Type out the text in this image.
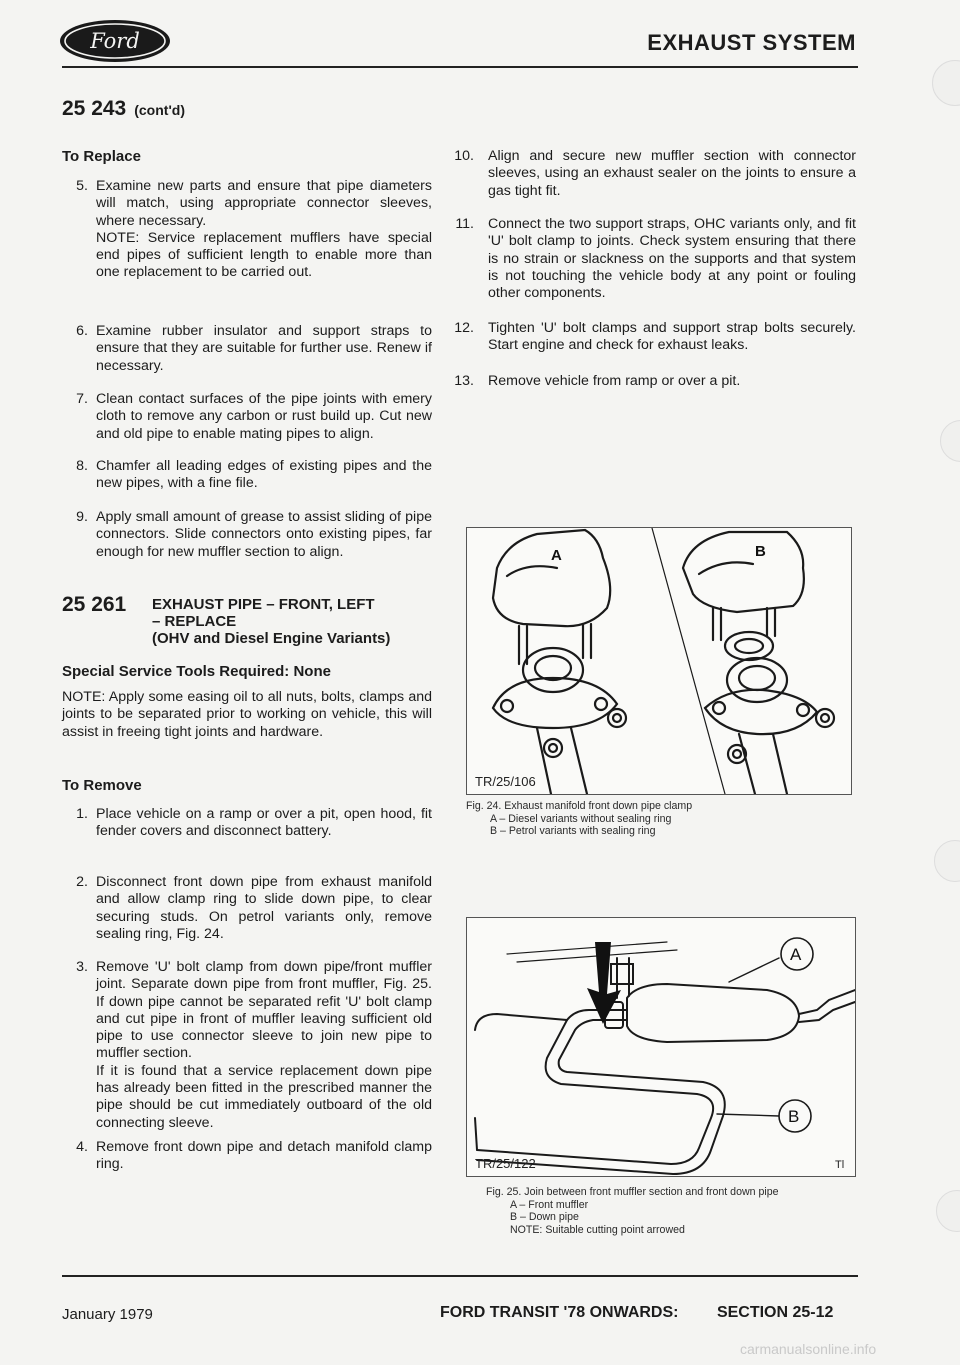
Ford	EXHAUST SYSTEM
25 243 (cont'd)
To Replace
5. Examine new parts and ensure that pipe diameters will match, using appropriate connector sleeves, where necessary.

NOTE: Service replacement mufflers have special end pipes of sufficient length to enable more than one replacement to be carried out.

6. Examine rubber insulator and support straps to ensure that they are suitable for further use. Renew if necessary.

7. Clean contact surfaces of the pipe joints with emery cloth to remove any carbon or rust build up. Cut new and old pipe to enable mating pipes to align.

8. Chamfer all leading edges of existing pipes and the new pipes, with a fine file.

9. Apply small amount of grease to assist sliding of pipe connectors. Slide connectors onto existing pipes, far enough for new muffler section to align.

25 261 EXHAUST PIPE – FRONT, LEFT
– REPLACE
(OHV and Diesel Engine Variants)
Special Service Tools Required: None
NOTE: Apply some easing oil to all nuts, bolts, clamps and joints to be separated prior to working on vehicle, this will assist in freeing tight joints and hardware.
To Remove
1. Place vehicle on a ramp or over a pit, open hood, fit fender covers and disconnect battery.

2. Disconnect front down pipe from exhaust manifold and allow clamp ring to slide down pipe, to clear securing studs. On petrol variants only, remove sealing ring, Fig. 24.

3. Remove 'U' bolt clamp from down pipe/front muffler joint. Separate down pipe from front muffler, Fig. 25. If down pipe cannot be separated refit 'U' bolt clamp and cut pipe in front of muffler leaving sufficient old pipe to use connector sleeve to join new pipe to muffler section.

If it is found that a service replacement down pipe has already been fitted in the prescribed manner the pipe should be cut immediately outboard of the old connecting sleeve.

4. Remove front down pipe and detach manifold clamp ring.

10. Align and secure new muffler section with connector sleeves, using an exhaust sealer on the joints to ensure a gas tight fit.

11. Connect the two support straps, OHC variants only, and fit 'U' bolt clamp to joints. Check system ensuring that there is no strain or slackness on the supports and that system is not touching the vehicle body at any point or fouling other components.

12. Tighten 'U' bolt clamps and support strap bolts securely. Start engine and check for exhaust leaks.

13. Remove vehicle from ramp or over a pit.

A	B
TR/25/106
Fig. 24. Exhaust manifold front down pipe clamp
A – Diesel variants without sealing ring
B – Petrol variants with sealing ring
A
B
TR/25/122	Tl
Fig. 25. Join between front muffler section and front down pipe
A – Front muffler
B – Down pipe
NOTE: Suitable cutting point arrowed
January 1979	FORD TRANSIT '78 ONWARDS: SECTION 25-12
carmanualsonline.info
